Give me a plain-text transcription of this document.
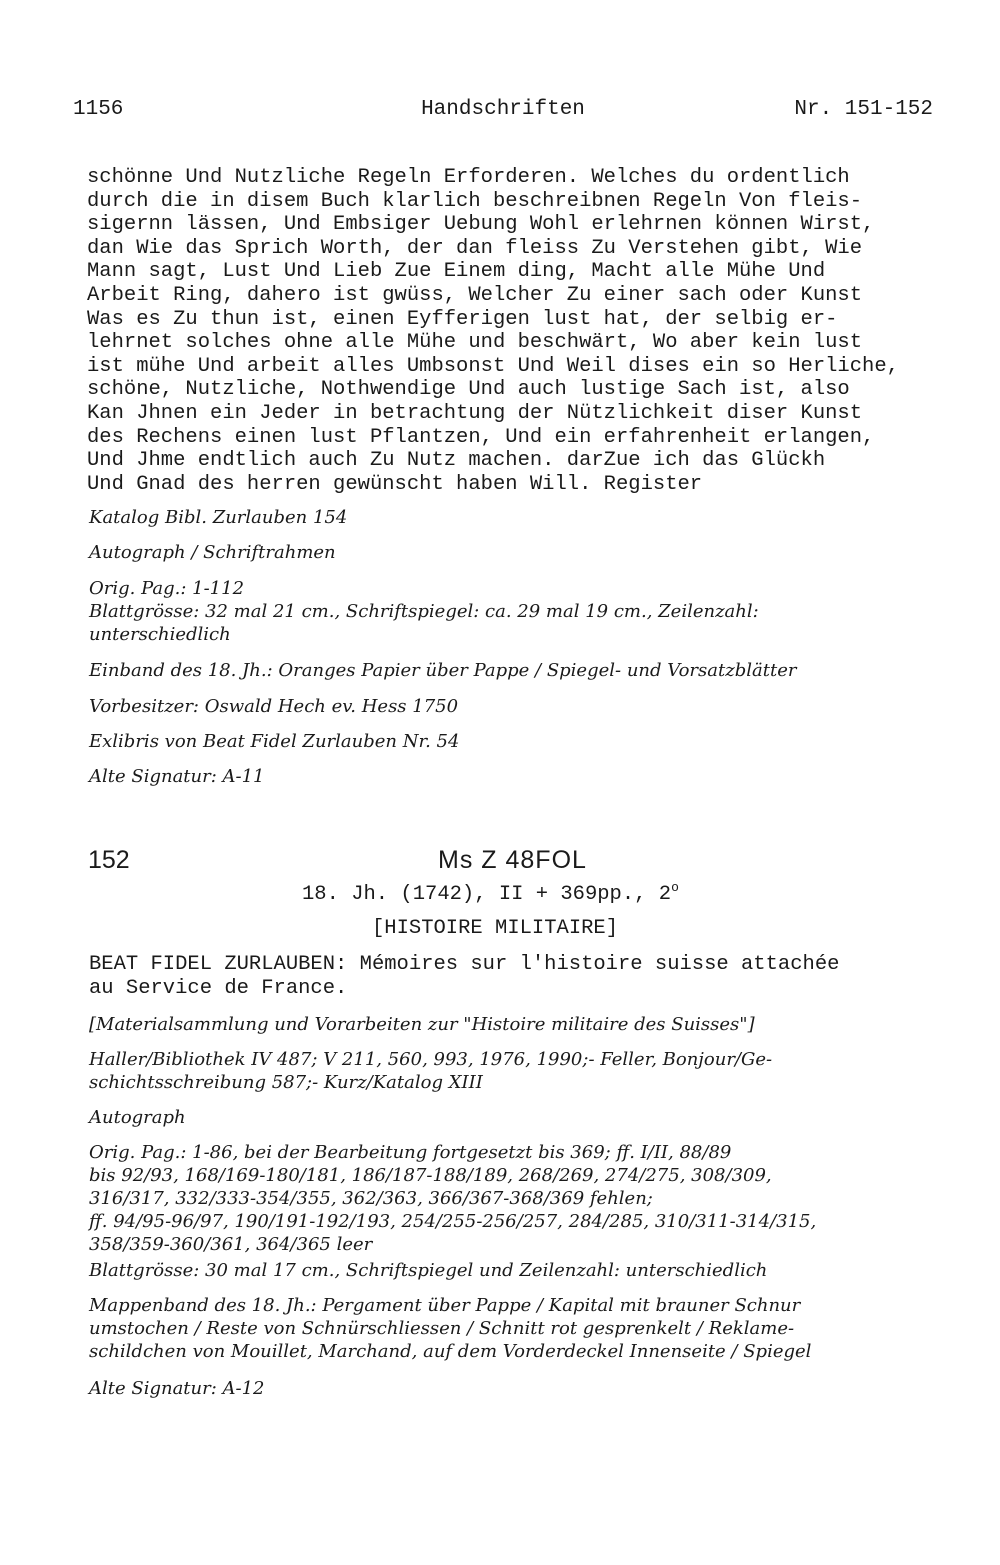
1156	Handschriften	Nr. 151-152
schönne Und Nutzliche Regeln Erforderen. Welches du ordentlich
durch die in disem Buch klarlich beschreibnen Regeln Von fleis-
sigernn lässen, Und Embsiger Uebung Wohl erlehrnen können Wirst,
dan Wie das Sprich Worth, der dan fleiss Zu Verstehen gibt, Wie
Mann sagt, Lust Und Lieb Zue Einem ding, Macht alle Mühe Und
Arbeit Ring, dahero ist gwüss, Welcher Zu einer sach oder Kunst
Was es Zu thun ist, einen Eyfferigen lust hat, der selbig er-
lehrnet solches ohne alle Mühe und beschwärt, Wo aber kein lust
ist mühe Und arbeit alles Umbsonst Und Weil dises ein so Herliche,
schöne, Nutzliche, Nothwendige Und auch lustige Sach ist, also
Kan Jhnen ein Jeder in betrachtung der Nützlichkeit diser Kunst
des Rechens einen lust Pflantzen, Und ein erfahrenheit erlangen,
Und Jhme endtlich auch Zu Nutz machen. darZue ich das Glückh
Und Gnad des herren gewünscht haben Will. Register
Katalog Bibl. Zurlauben 154
Autograph / Schriftrahmen
Orig. Pag.: 1-112
Blattgrösse: 32 mal 21 cm., Schriftspiegel: ca. 29 mal 19 cm., Zeilenzahl:
unterschiedlich
Einband des 18. Jh.: Oranges Papier über Pappe / Spiegel- und Vorsatzblätter
Vorbesitzer: Oswald Hech ev. Hess 1750
Exlibris von Beat Fidel Zurlauben Nr. 54
Alte Signatur: A-11
152	Ms Z 48FOL
18. Jh. (1742), II + 369pp., 2$^o$
[HISTOIRE MILITAIRE]
BEAT FIDEL ZURLAUBEN: Mémoires sur l'histoire suisse attachée
au Service de France.
[Materialsammlung und Vorarbeiten zur "Histoire militaire des Suisses"]
Haller/Bibliothek IV 487; V 211, 560, 993, 1976, 1990;- Feller, Bonjour/Ge-
schichtsschreibung 587;- Kurz/Katalog XIII
Autograph
Orig. Pag.: 1-86, bei der Bearbeitung fortgesetzt bis 369; ff. I/II, 88/89
bis 92/93, 168/169-180/181, 186/187-188/189, 268/269, 274/275, 308/309,
316/317, 332/333-354/355, 362/363, 366/367-368/369 fehlen;
ff. 94/95-96/97, 190/191-192/193, 254/255-256/257, 284/285, 310/311-314/315,
358/359-360/361, 364/365 leer
Blattgrösse: 30 mal 17 cm., Schriftspiegel und Zeilenzahl: unterschiedlich
Mappenband des 18. Jh.: Pergament über Pappe / Kapital mit brauner Schnur
umstochen / Reste von Schnürschliessen / Schnitt rot gesprenkelt / Reklame-
schildchen von Mouillet, Marchand, auf dem Vorderdeckel Innenseite / Spiegel
Alte Signatur: A-12
